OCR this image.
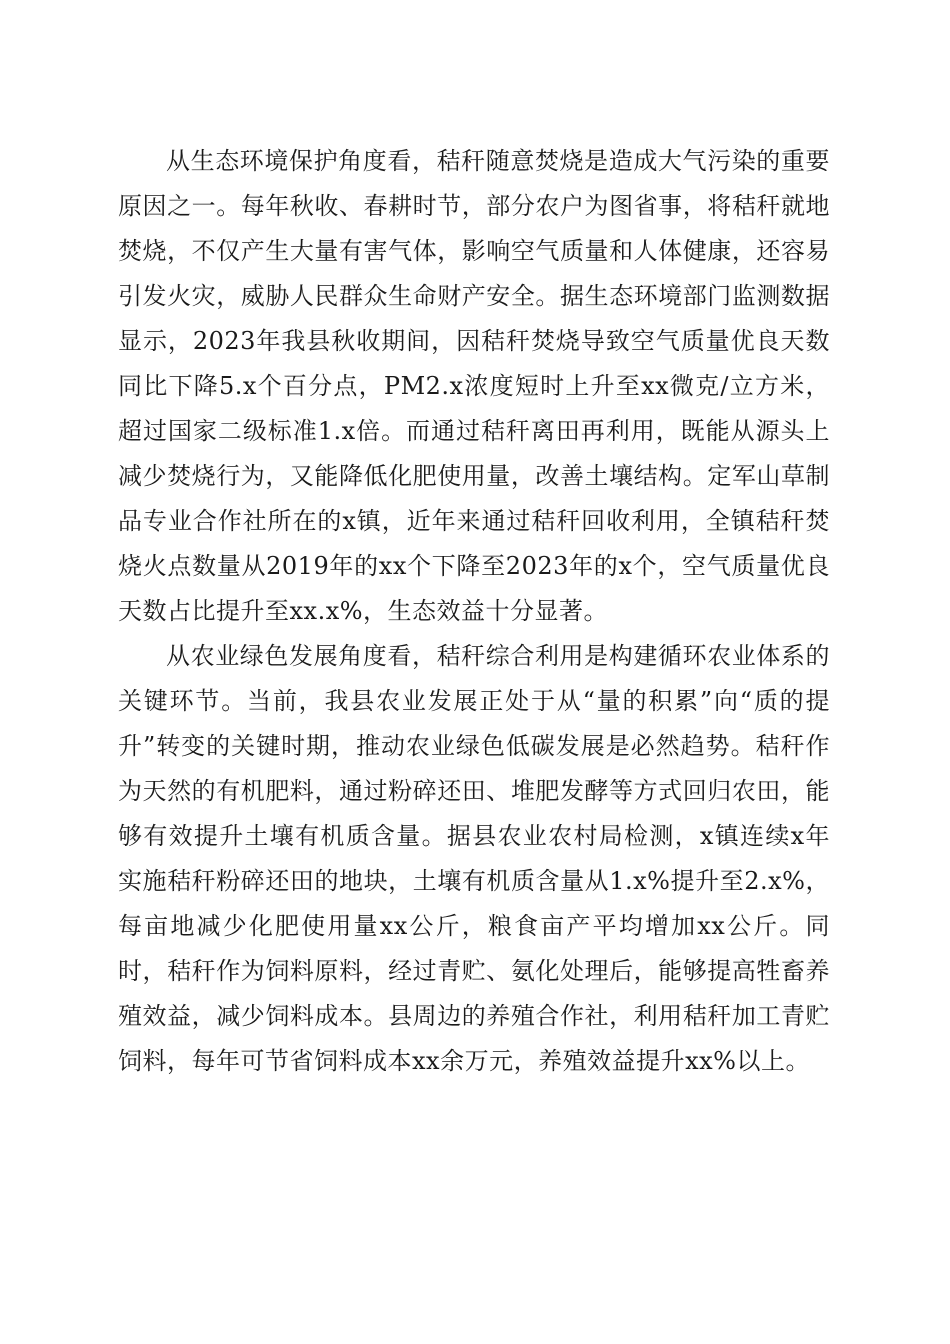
从生态环境保护角度看，秸秆随意焚烧是造成大气污染的重要原因之一。每年秋收、春耕时节，部分农户为图省事，将秸秆就地焚烧，不仅产生大量有害气体，影响空气质量和人体健康，还容易引发火灾，威胁人民群众生命财产安全。据生态环境部门监测数据显示，2023年我县秋收期间，因秸秆焚烧导致空气质量优良天数同比下降5.x个百分点，PM2.x浓度短时上升至xx微克/立方米，超过国家二级标准1.x倍。而通过秸秆离田再利用，既能从源头上减少焚烧行为，又能降低化肥使用量，改善土壤结构。定军山草制品专业合作社所在的x镇，近年来通过秸秆回收利用，全镇秸秆焚烧火点数量从2019年的xx个下降至2023年的x个，空气质量优良天数占比提升至xx.x%，生态效益十分显著。

从农业绿色发展角度看，秸秆综合利用是构建循环农业体系的关键环节。当前，我县农业发展正处于从“量的积累”向“质的提升”转变的关键时期，推动农业绿色低碳发展是必然趋势。秸秆作为天然的有机肥料，通过粉碎还田、堆肥发酵等方式回归农田，能够有效提升土壤有机质含量。据县农业农村局检测，x镇连续x年实施秸秆粉碎还田的地块，土壤有机质含量从1.x%提升至2.x%，每亩地减少化肥使用量xx公斤，粮食亩产平均增加xx公斤。同时，秸秆作为饲料原料，经过青贮、氨化处理后，能够提高牲畜养殖效益，减少饲料成本。县周边的养殖合作社，利用秸秆加工青贮饲料，每年可节省饲料成本xx余万元，养殖效益提升xx%以上。
